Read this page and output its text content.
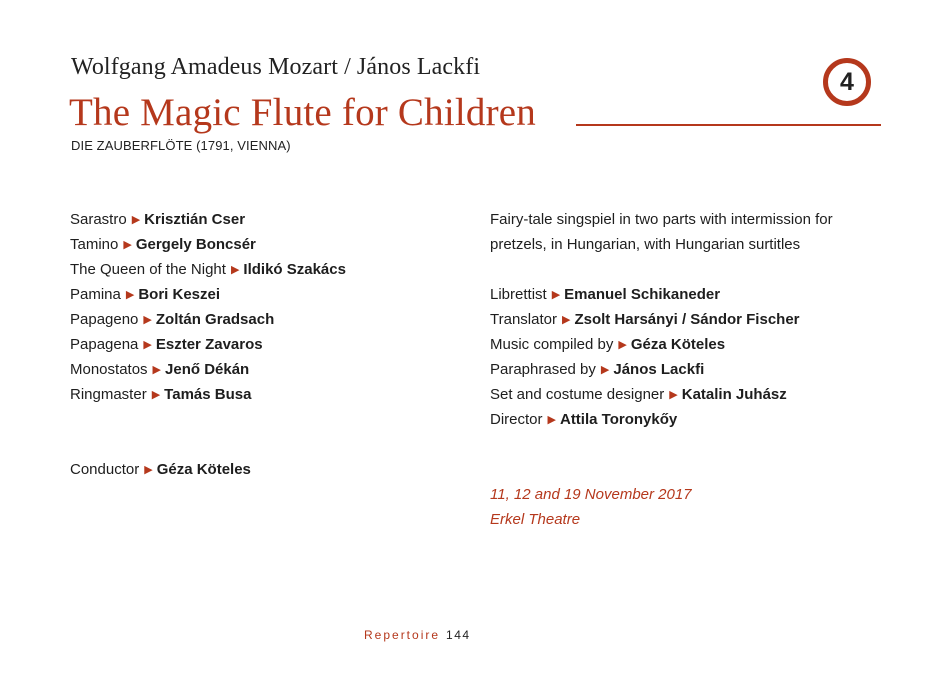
Wolfgang Amadeus Mozart / János Lackfi
The Magic Flute for Children
DIE ZAUBERFLÖTE (1791, VIENNA)
4
Sarastro ▶ Krisztián Cser
Tamino ▶ Gergely Boncsér
The Queen of the Night ▶ Ildikó Szakács
Pamina ▶ Bori Keszei
Papageno ▶ Zoltán Gradsach
Papagena ▶ Eszter Zavaros
Monostatos ▶ Jenő Dékán
Ringmaster ▶ Tamás Busa
Conductor ▶ Géza Köteles
Fairy-tale singspiel in two parts with intermission for
pretzels, in Hungarian, with Hungarian surtitles
Librettist ▶ Emanuel Schikaneder
Translator ▶ Zsolt Harsányi / Sándor Fischer
Music compiled by ▶ Géza Köteles
Paraphrased by ▶ János Lackfi
Set and costume designer ▶ Katalin Juhász
Director ▶ Attila Toronykőy
11, 12 and 19 November 2017
Erkel Theatre
Repertoire 144
